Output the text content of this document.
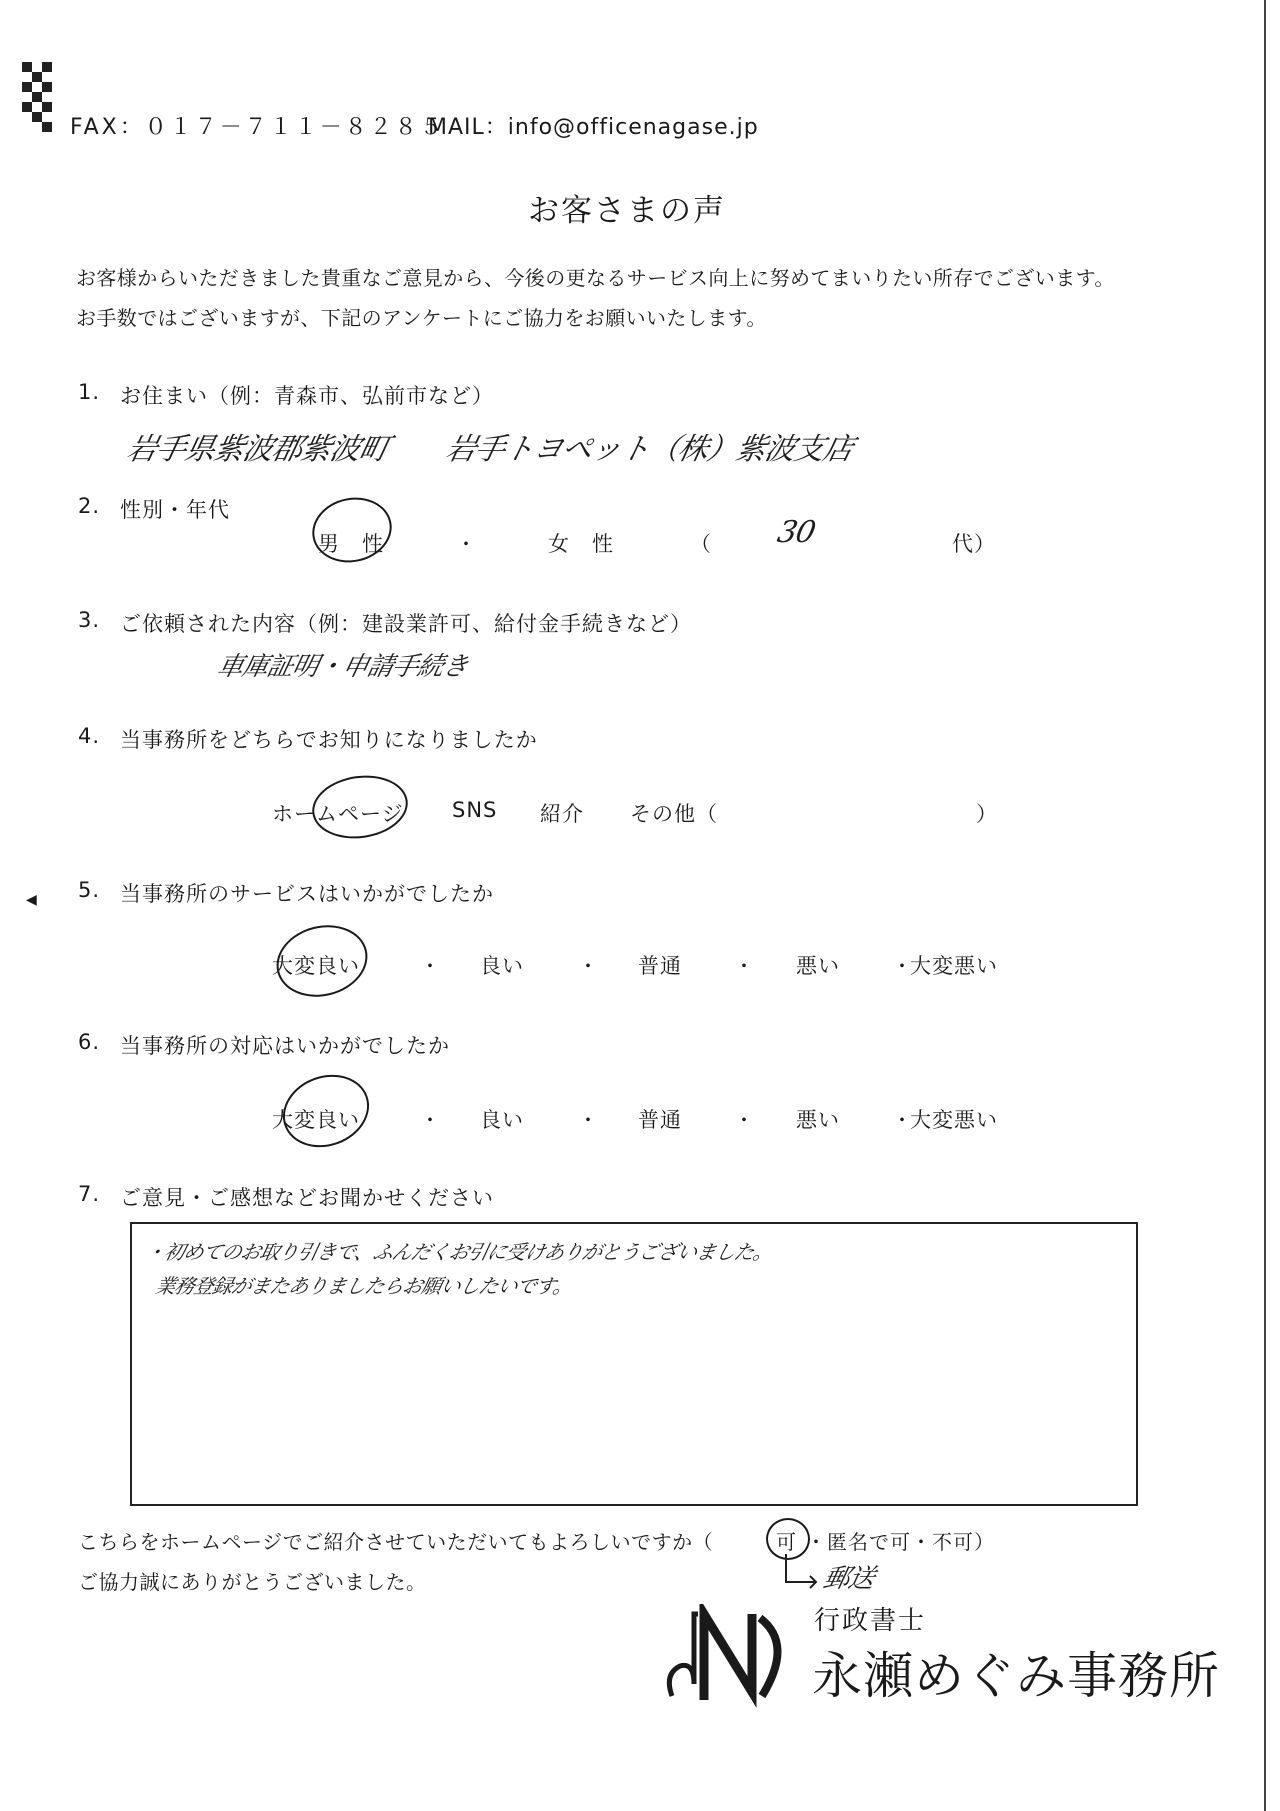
FAX：０１７－７１１－８２８５
MAIL：info@officenagase.jp
お客さまの声
お客様からいただきました貴重なご意見から、今後の更なるサービス向上に努めてまいりたい所存でございます。
お手数ではございますが、下記のアンケートにご協力をお願いいたします。
1. お住まい（例：青森市、弘前市など）
岩手県紫波郡紫波町　　岩手トヨペット（株）紫波支店
2. 性別・年代
男　性	・	女　性	（ 30	代）
3. ご依頼された内容（例：建設業許可、給付金手続きなど）
車庫証明・申請手続き
4. 当事務所をどちらでお知りになりましたか
ホームページ SNS 紹介 その他（	）
◀ 5. 当事務所のサービスはいかがでしたか
大変良い	・ 良い	・ 普通	・ 悪い	・
大変悪い
6. 当事務所の対応はいかがでしたか
大変良い	・ 良い	・ 普通	・ 悪い	・
大変悪い
7. ご意見・ご感想などお聞かせください
・初めてのお取り引きで、ふんだくお引に受けありがとうございました。
業務登録がまたありましたらお願いしたいです。
こちらをホームページでご紹介させていただいてもよろしいですか（	可 ・匿名で可・不可）
郵送
ご協力誠にありがとうございました。
行政書士
永瀬めぐみ事務所
